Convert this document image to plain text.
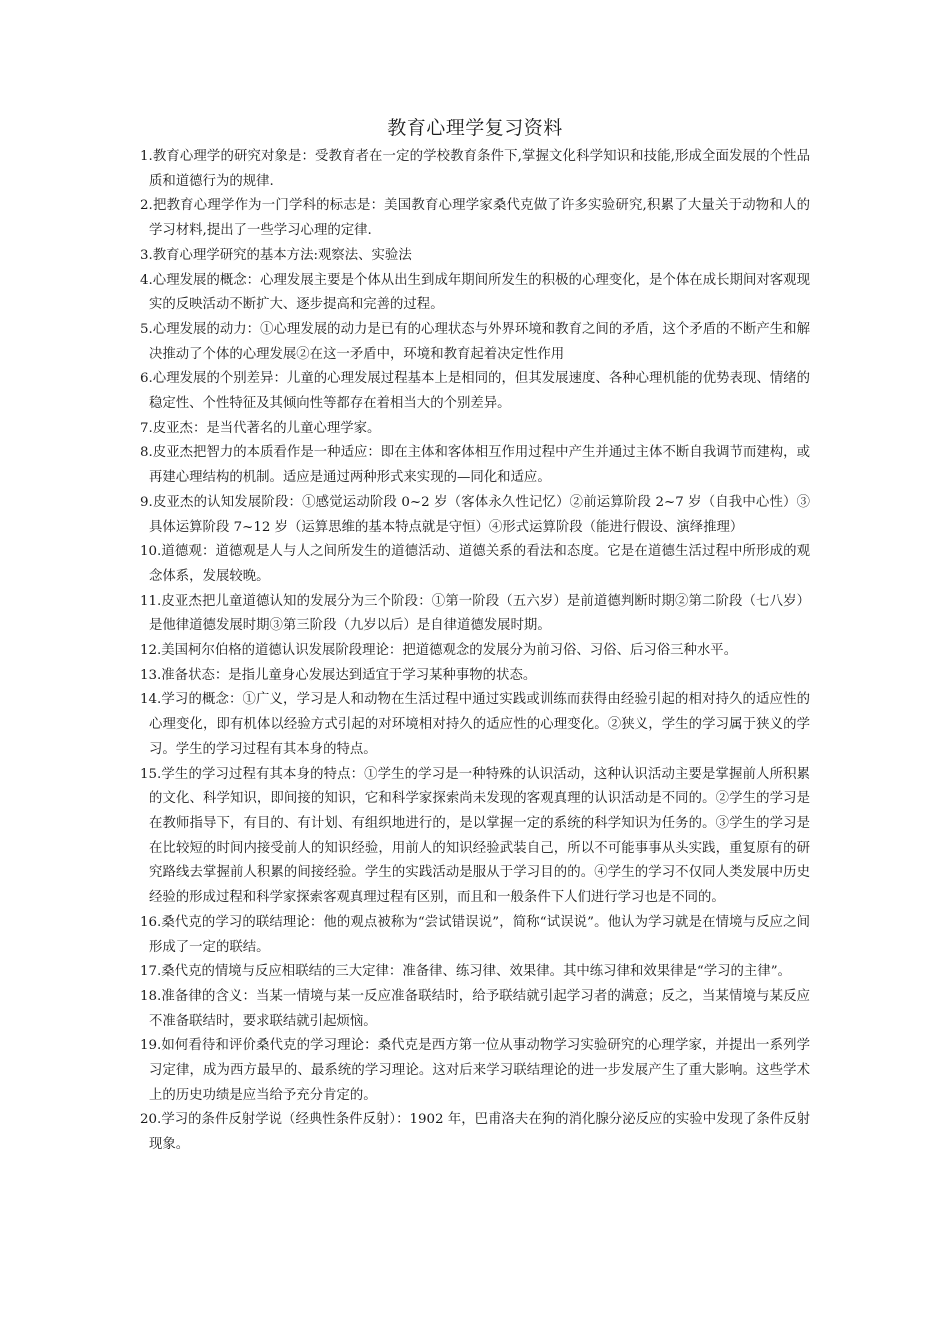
教育心理学复习资料
1.教育心理学的研究对象是：受教育者在一定的学校教育条件下,掌握文化科学知识和技能,形成全面发展的个性品质和道德行为的规律.
2.把教育心理学作为一门学科的标志是：美国教育心理学家桑代克做了许多实验研究,积累了大量关于动物和人的学习材料,提出了一些学习心理的定律.
3.教育心理学研究的基本方法:观察法、实验法
4.心理发展的概念：心理发展主要是个体从出生到成年期间所发生的积极的心理变化，是个体在成长期间对客观现实的反映活动不断扩大、逐步提高和完善的过程。
5.心理发展的动力：①心理发展的动力是已有的心理状态与外界环境和教育之间的矛盾，这个矛盾的不断产生和解决推动了个体的心理发展②在这一矛盾中，环境和教育起着决定性作用
6.心理发展的个别差异：儿童的心理发展过程基本上是相同的，但其发展速度、各种心理机能的优势表现、情绪的稳定性、个性特征及其倾向性等都存在着相当大的个别差异。
7.皮亚杰：是当代著名的儿童心理学家。
8.皮亚杰把智力的本质看作是一种适应：即在主体和客体相互作用过程中产生并通过主体不断自我调节而建构，或再建心理结构的机制。适应是通过两种形式来实现的—同化和适应。
9.皮亚杰的认知发展阶段：①感觉运动阶段 0~2 岁（客体永久性记忆）②前运算阶段 2~7 岁（自我中心性）③具体运算阶段 7~12 岁（运算思维的基本特点就是守恒）④形式运算阶段（能进行假设、演绎推理）
10.道德观：道德观是人与人之间所发生的道德活动、道德关系的看法和态度。它是在道德生活过程中所形成的观念体系，发展较晚。
11.皮亚杰把儿童道德认知的发展分为三个阶段：①第一阶段（五六岁）是前道德判断时期②第二阶段（七八岁）是他律道德发展时期③第三阶段（九岁以后）是自律道德发展时期。
12.美国柯尔伯格的道德认识发展阶段理论：把道德观念的发展分为前习俗、习俗、后习俗三种水平。
13.准备状态：是指儿童身心发展达到适宜于学习某种事物的状态。
14.学习的概念：①广义，学习是人和动物在生活过程中通过实践或训练而获得由经验引起的相对持久的适应性的心理变化，即有机体以经验方式引起的对环境相对持久的适应性的心理变化。②狭义，学生的学习属于狭义的学习。学生的学习过程有其本身的特点。
15.学生的学习过程有其本身的特点：①学生的学习是一种特殊的认识活动，这种认识活动主要是掌握前人所积累的文化、科学知识，即间接的知识，它和科学家探索尚未发现的客观真理的认识活动是不同的。②学生的学习是在教师指导下，有目的、有计划、有组织地进行的，是以掌握一定的系统的科学知识为任务的。③学生的学习是在比较短的时间内接受前人的知识经验，用前人的知识经验武装自己，所以不可能事事从头实践，重复原有的研究路线去掌握前人积累的间接经验。学生的实践活动是服从于学习目的的。④学生的学习不仅同人类发展中历史经验的形成过程和科学家探索客观真理过程有区别，而且和一般条件下人们进行学习也是不同的。
16.桑代克的学习的联结理论：他的观点被称为“尝试错误说”，简称“试误说”。他认为学习就是在情境与反应之间形成了一定的联结。
17.桑代克的情境与反应相联结的三大定律：准备律、练习律、效果律。其中练习律和效果律是“学习的主律”。
18.准备律的含义：当某一情境与某一反应准备联结时，给予联结就引起学习者的满意；反之，当某情境与某反应不准备联结时，要求联结就引起烦恼。
19.如何看待和评价桑代克的学习理论：桑代克是西方第一位从事动物学习实验研究的心理学家，并提出一系列学习定律，成为西方最早的、最系统的学习理论。这对后来学习联结理论的进一步发展产生了重大影响。这些学术上的历史功绩是应当给予充分肯定的。
20.学习的条件反射学说（经典性条件反射）：1902 年，巴甫洛夫在狗的消化腺分泌反应的实验中发现了条件反射现象。
